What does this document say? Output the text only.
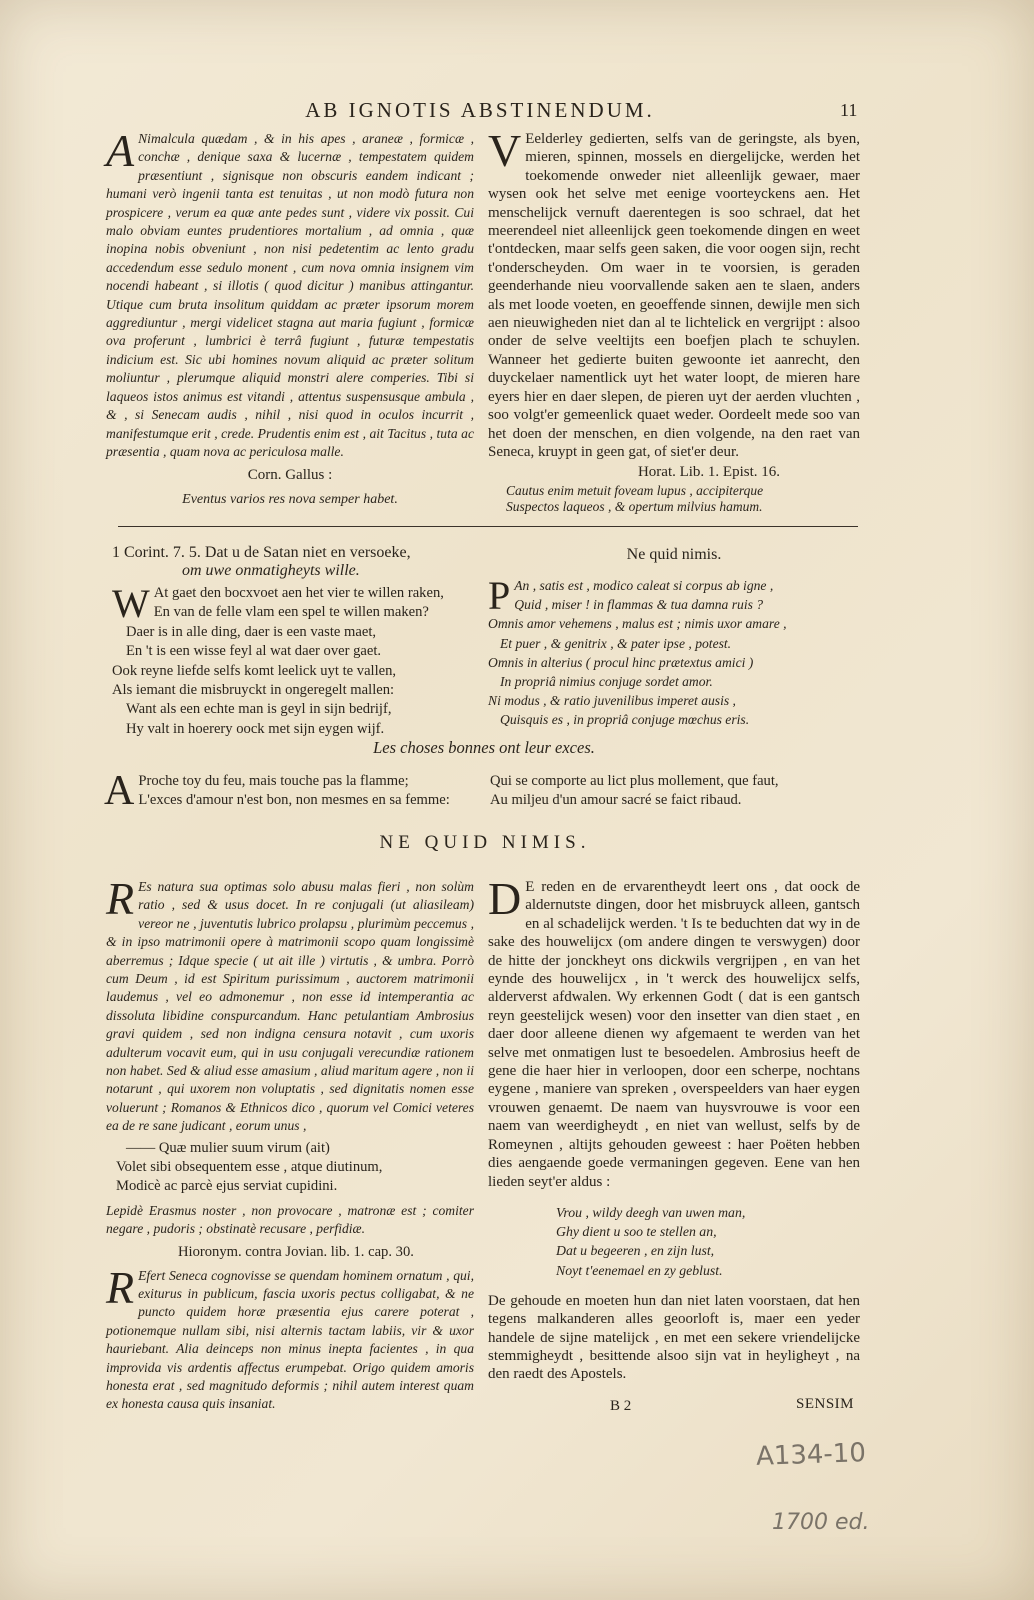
AB IGNOTIS ABSTINENDUM.	11

A Nimalcula quædam , & in his apes , araneæ , formicæ , conchæ , denique saxa & lucernæ , tempestatem quidem præsentiunt , signisque non obscuris eandem indicant ; humani verò ingenii tanta est tenuitas , ut non modò futura non prospicere , verum ea quæ ante pedes sunt , videre vix possit. Cui malo obviam euntes prudentiores mortalium , ad omnia , quæ inopina nobis obveniunt , non nisi pedetentim ac lento gradu accedendum esse sedulo monent , cum nova omnia insignem vim nocendi habeant , si illotis ( quod dicitur ) manibus attingantur. Utique cum bruta insolitum quiddam ac præter ipsorum morem aggrediuntur , mergi videlicet stagna aut maria fugiunt , formicæ ova proferunt , lumbrici è terrâ fugiunt , futuræ tempestatis indicium est. Sic ubi homines novum aliquid ac præter solitum moliuntur , plerumque aliquid monstri alere comperies. Tibi si laqueos istos animus est vitandi , attentus suspensusque ambula , & , si Senecam audis , nihil , nisi quod in oculos incurrit , manifestumque erit , crede. Prudentis enim est , ait Tacitus , tuta ac præsentia , quam nova ac periculosa malle.

Corn. Gallus :
Eventus varios res nova semper habet.

V Eelderley gedierten, selfs van de geringste, als byen, mieren, spinnen, mossels en diergelijcke, werden het toekomende onweder niet alleenlijk gewaer, maer wysen ook het selve met eenige voorteyckens aen. Het menschelijck vernuft daerentegen is soo schrael, dat het meerendeel niet alleenlijck geen toekomende dingen en weet t'ontdecken, maar selfs geen saken, die voor oogen sijn, recht t'onderscheyden. Om waer in te voorsien, is geraden geenderhande nieu voorvallende saken aen te slaen, anders als met loode voeten, en geoeffende sinnen, dewijle men sich aen nieuwigheden niet dan al te lichtelick en vergrijpt : alsoo onder de selve veeltijts een boefjen plach te schuylen. Wanneer het gedierte buiten gewoonte iet aanrecht, den duyckelaer namentlick uyt het water loopt, de mieren hare eyers hier en daer slepen, de pieren uyt der aerden vluchten , soo volgt'er gemeenlick quaet weder. Oordeelt mede soo van het doen der menschen, en dien volgende, na den raet van Seneca, kruypt in geen gat, of siet'er deur.

Horat. Lib. 1. Epist. 16.
Cautus enim metuit foveam lupus , accipiterque
Suspectos laqueos , & opertum milvius hamum.
1 Corint. 7. 5. Dat u de Satan niet en versoeke,
om uwe onmatigheyts wille.
W At gaet den bocxvoet aen het vier te willen raken,
En van de felle vlam een spel te willen maken?
Daer is in alle ding, daer is een vaste maet,
En 't is een wisse feyl al wat daer over gaet.
Ook reyne liefde selfs komt leelick uyt te vallen,
Als iemant die misbruyckt in ongeregelt mallen:
Want als een echte man is geyl in sijn bedrijf,
Hy valt in hoerery oock met sijn eygen wijf.
Ne quid nimis.
P An , satis est , modico caleat si corpus ab igne ,
Quid , miser ! in flammas & tua damna ruis ?
Omnis amor vehemens , malus est ; nimis uxor amare ,
Et puer , & genitrix , & pater ipse , potest.
Omnis in alterius ( procul hinc prætextus amici )
In propriâ nimius conjuge sordet amor.
Ni modus , & ratio juvenilibus imperet ausis ,
Quisquis es , in propriâ conjuge mœchus eris.
Les choses bonnes ont leur exces.
A Proche toy du feu, mais touche pas la flamme;
L'exces d'amour n'est bon, non mesmes en sa femme:
Qui se comporte au lict plus mollement, que faut,
Au miljeu d'un amour sacré se faict ribaud.
NE QUID NIMIS.

R Es natura sua optimas solo abusu malas fieri , non solùm ratio , sed & usus docet. In re conjugali (ut aliasileam) vereor ne , juventutis lubrico prolapsu , plurimùm peccemus , & in ipso matrimonii opere à matrimonii scopo quam longissimè aberremus ; Idque specie ( ut ait ille ) virtutis , & umbra. Porrò cum Deum , id est Spiritum purissimum , auctorem matrimonii laudemus , vel eo admonemur , non esse id intemperantia ac dissoluta libidine conspurcandum. Hanc petulantiam Ambrosius gravi quidem , sed non indigna censura notavit , cum uxoris adulterum vocavit eum, qui in usu conjugali verecundiæ rationem non habet. Sed & aliud esse amasium , aliud maritum agere , non ii notarunt , qui uxorem non voluptatis , sed dignitatis nomen esse voluerunt ; Romanos & Ethnicos dico , quorum vel Comici veteres ea de re sane judicant , eorum unus ,

—— Quæ mulier suum virum (ait)
Volet sibi obsequentem esse , atque diutinum,
Modicè ac parcè ejus serviat cupidini.

Lepidè Erasmus noster , non provocare , matronæ est ; comiter negare , pudoris ; obstinatè recusare , perfidiæ.

Hioronym. contra Jovian. lib. 1. cap. 30.

R Efert Seneca cognovisse se quendam hominem ornatum , qui, exiturus in publicum, fascia uxoris pectus colligabat, & ne puncto quidem horæ præsentia ejus carere poterat , potionemque nullam sibi, nisi alternis tactam labiis, vir & uxor hauriebant. Alia deinceps non minus inepta facientes , in qua improvida vis ardentis affectus erumpebat. Origo quidem amoris honesta erat , sed magnitudo deformis ; nihil autem interest quam ex honesta causa quis insaniat.

D E reden en de ervarentheydt leert ons , dat oock de aldernutste dingen, door het misbruyck alleen, gantsch en al schadelijck werden. 't Is te beduchten dat wy in de sake des houwelijcx (om andere dingen te verswygen) door de hitte der jonckheyt ons dickwils vergrijpen , en van het eynde des houwelijcx , in 't werck des houwelijcx selfs, alderverst afdwalen. Wy erkennen Godt ( dat is een gantsch reyn geestelijck wesen) voor den insetter van dien staet , en daer door alleene dienen wy afgemaent te werden van het selve met onmatigen lust te besoedelen. Ambrosius heeft de gene die haer hier in verloopen, door een scherpe, nochtans eygene , maniere van spreken , overspeelders van haer eygen vrouwen genaemt. De naem van huysvrouwe is voor een naem van weerdigheydt , en niet van wellust, selfs by de Romeynen , altijts gehouden geweest : haer Poëten hebben dies aengaende goede vermaningen gegeven. Eene van hen lieden seyt'er aldus :

Vrou , wildy deegh van uwen man,
Ghy dient u soo te stellen an,
Dat u begeeren , en zijn lust,
Noyt t'eenemael en zy geblust.

De gehoude en moeten hun dan niet laten voorstaen, dat hen tegens malkanderen alles geoorloft is, maer een yeder handele de sijne matelijck , en met een sekere vriendelijcke stemmigheydt , besittende alsoo sijn vat in heyligheyt , na den raedt des Apostels.

B 2	SENSIM
A134-10
1700 ed.
